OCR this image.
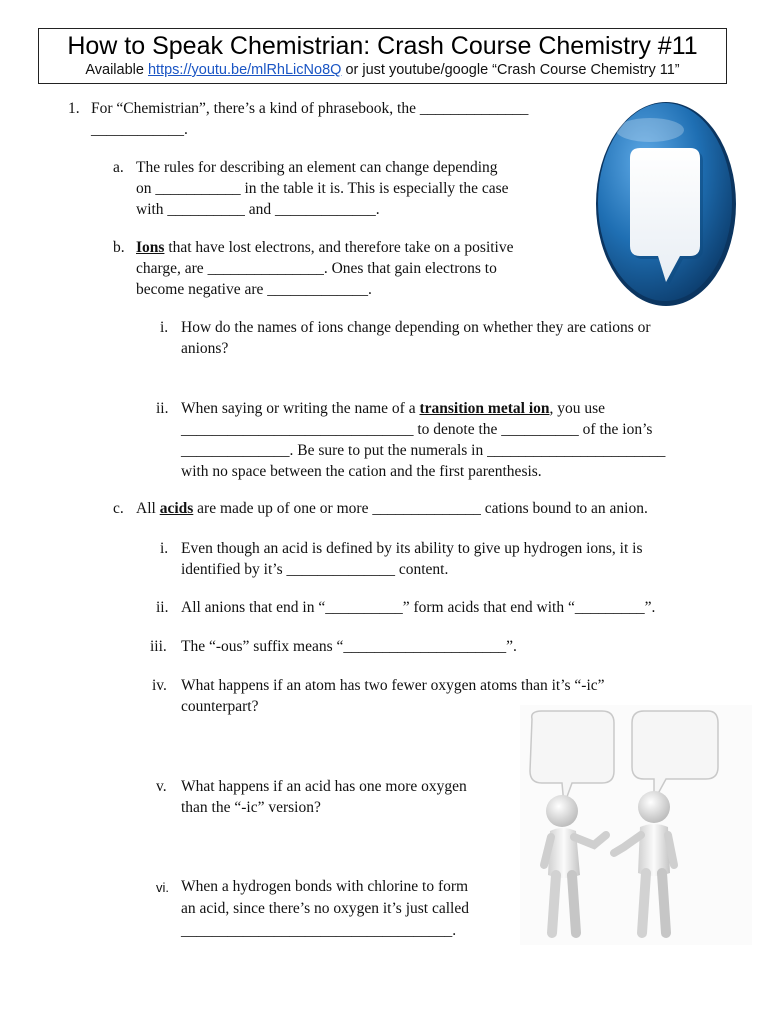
How to Speak Chemistrian: Crash Course Chemistry #11
Available https://youtu.be/mlRhLicNo8Q or just youtube/google “Crash Course Chemistry 11”
1. For “Chemistrian”, there’s a kind of phrasebook, the ______________
____________.
a. The rules for describing an element can change depending
on ___________ in the table it is. This is especially the case
with __________ and _____________.
b. Ions that have lost electrons, and therefore take on a positive
charge, are _______________. Ones that gain electrons to
become negative are _____________.
i. How do the names of ions change depending on whether they are cations or
anions?
ii. When saying or writing the name of a transition metal ion, you use
______________________________ to denote the __________ of the ion’s
______________. Be sure to put the numerals in _______________________
with no space between the cation and the first parenthesis.
c. All acids are made up of one or more ______________ cations bound to an anion.
i. Even though an acid is defined by its ability to give up hydrogen ions, it is
identified by it’s ______________ content.
ii. All anions that end in “__________” form acids that end with “_________”.
iii. The “-ous” suffix means “_____________________”.
iv. What happens if an atom has two fewer oxygen atoms than it’s “-ic”
counterpart?
v. What happens if an acid has one more oxygen
than the “-ic” version?
vi. When a hydrogen bonds with chlorine to form
an acid, since there’s no oxygen it’s just called
___________________________________.
